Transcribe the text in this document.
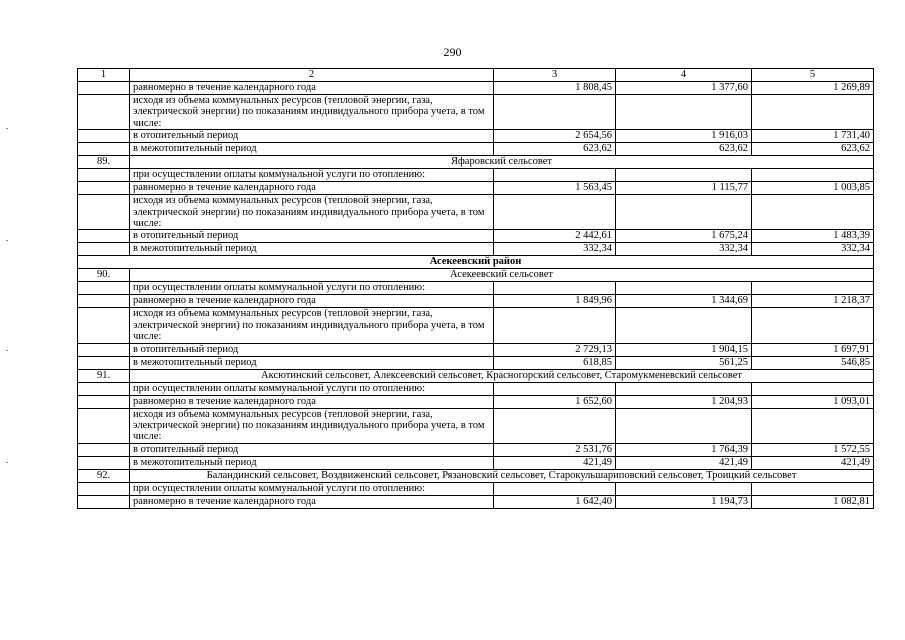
290
1	2	3	4	5
	равномерно в течение календарного года	1 808,45	1 377,60	1 269,89
	исходя из объема коммунальных ресурсов (тепловой энергии, газа, электрической энергии) по показаниям индивидуального прибора учета, в том числе:			
	в отопительный период	2 654,56	1 916,03	1 731,40
	в межотопительный период	623,62	623,62	623,62
89.	Яфаровский сельсовет			
	при осуществлении оплаты коммунальной услуги по отоплению:			
	равномерно в течение календарного года	1 563,45	1 115,77	1 003,85
	исходя из объема коммунальных ресурсов (тепловой энергии, газа, электрической энергии) по показаниям индивидуального прибора учета, в том числе:			
	в отопительный период	2 442,61	1 675,24	1 483,39
	в межотопительный период	332,34	332,34	332,34
Асекеевский район				
90.	Асекеевский сельсовет			
	при осуществлении оплаты коммунальной услуги по отоплению:			
	равномерно в течение календарного года	1 849,96	1 344,69	1 218,37
	исходя из объема коммунальных ресурсов (тепловой энергии, газа, электрической энергии) по показаниям индивидуального прибора учета, в том числе:			
	в отопительный период	2 729,13	1 904,15	1 697,91
	в межотопительный период	618,85	561,25	546,85
91.	Аксютинский сельсовет, Алексеевский сельсовет, Красногорский сельсовет, Старомукменевский сельсовет			
	при осуществлении оплаты коммунальной услуги по отоплению:			
	равномерно в течение календарного года	1 652,60	1 204,93	1 093,01
	исходя из объема коммунальных ресурсов (тепловой энергии, газа, электрической энергии) по показаниям индивидуального прибора учета, в том числе:			
	в отопительный период	2 531,76	1 764,39	1 572,55
	в межотопительный период	421,49	421,49	421,49
92.	Баландинский сельсовет, Воздвиженский сельсовет, Рязановский сельсовет, Старокульшариповский сельсовет, Троицкий сельсовет			
	при осуществлении оплаты коммунальной услуги по отоплению:			
	равномерно в течение календарного года	1 642,40	1 194,73	1 082,81
